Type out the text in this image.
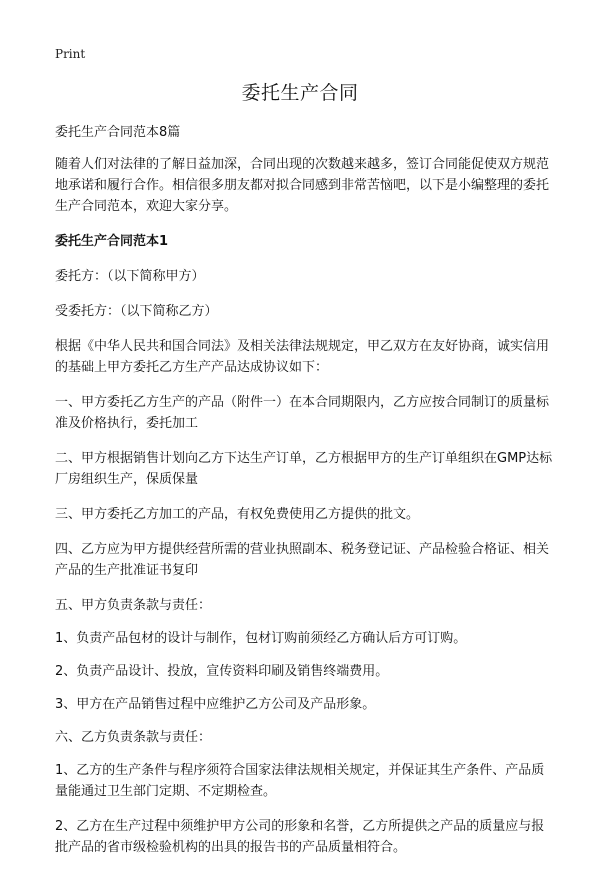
Print
委托生产合同

委托生产合同范本8篇

随着人们对法律的了解日益加深，合同出现的次数越来越多，签订合同能促使双方规范地承诺和履行合作。相信很多朋友都对拟合同感到非常苦恼吧，以下是小编整理的委托生产合同范本，欢迎大家分享。

委托生产合同范本1

委托方：（以下简称甲方）

受委托方：（以下简称乙方）

根据《中华人民共和国合同法》及相关法律法规规定，甲乙双方在友好协商，诚实信用的基础上甲方委托乙方生产产品达成协议如下：

一、甲方委托乙方生产的产品（附件一）在本合同期限内，乙方应按合同制订的质量标准及价格执行，委托加工

二、甲方根据销售计划向乙方下达生产订单，乙方根据甲方的生产订单组织在GMP达标厂房组织生产，保质保量

三、甲方委托乙方加工的产品，有权免费使用乙方提供的批文。

四、乙方应为甲方提供经营所需的营业执照副本、税务登记证、产品检验合格证、相关产品的生产批准证书复印

五、甲方负责条款与责任：

1、负责产品包材的设计与制作，包材订购前须经乙方确认后方可订购。

2、负责产品设计、投放，宣传资料印刷及销售终端费用。

3、甲方在产品销售过程中应维护乙方公司及产品形象。

六、乙方负责条款与责任：

1、乙方的生产条件与程序须符合国家法律法规相关规定，并保证其生产条件、产品质量能通过卫生部门定期、不定期检查。

2、乙方在生产过程中须维护甲方公司的形象和名誉，乙方所提供之产品的质量应与报批产品的省市级检验机构的出具的报告书的产品质量相符合。
